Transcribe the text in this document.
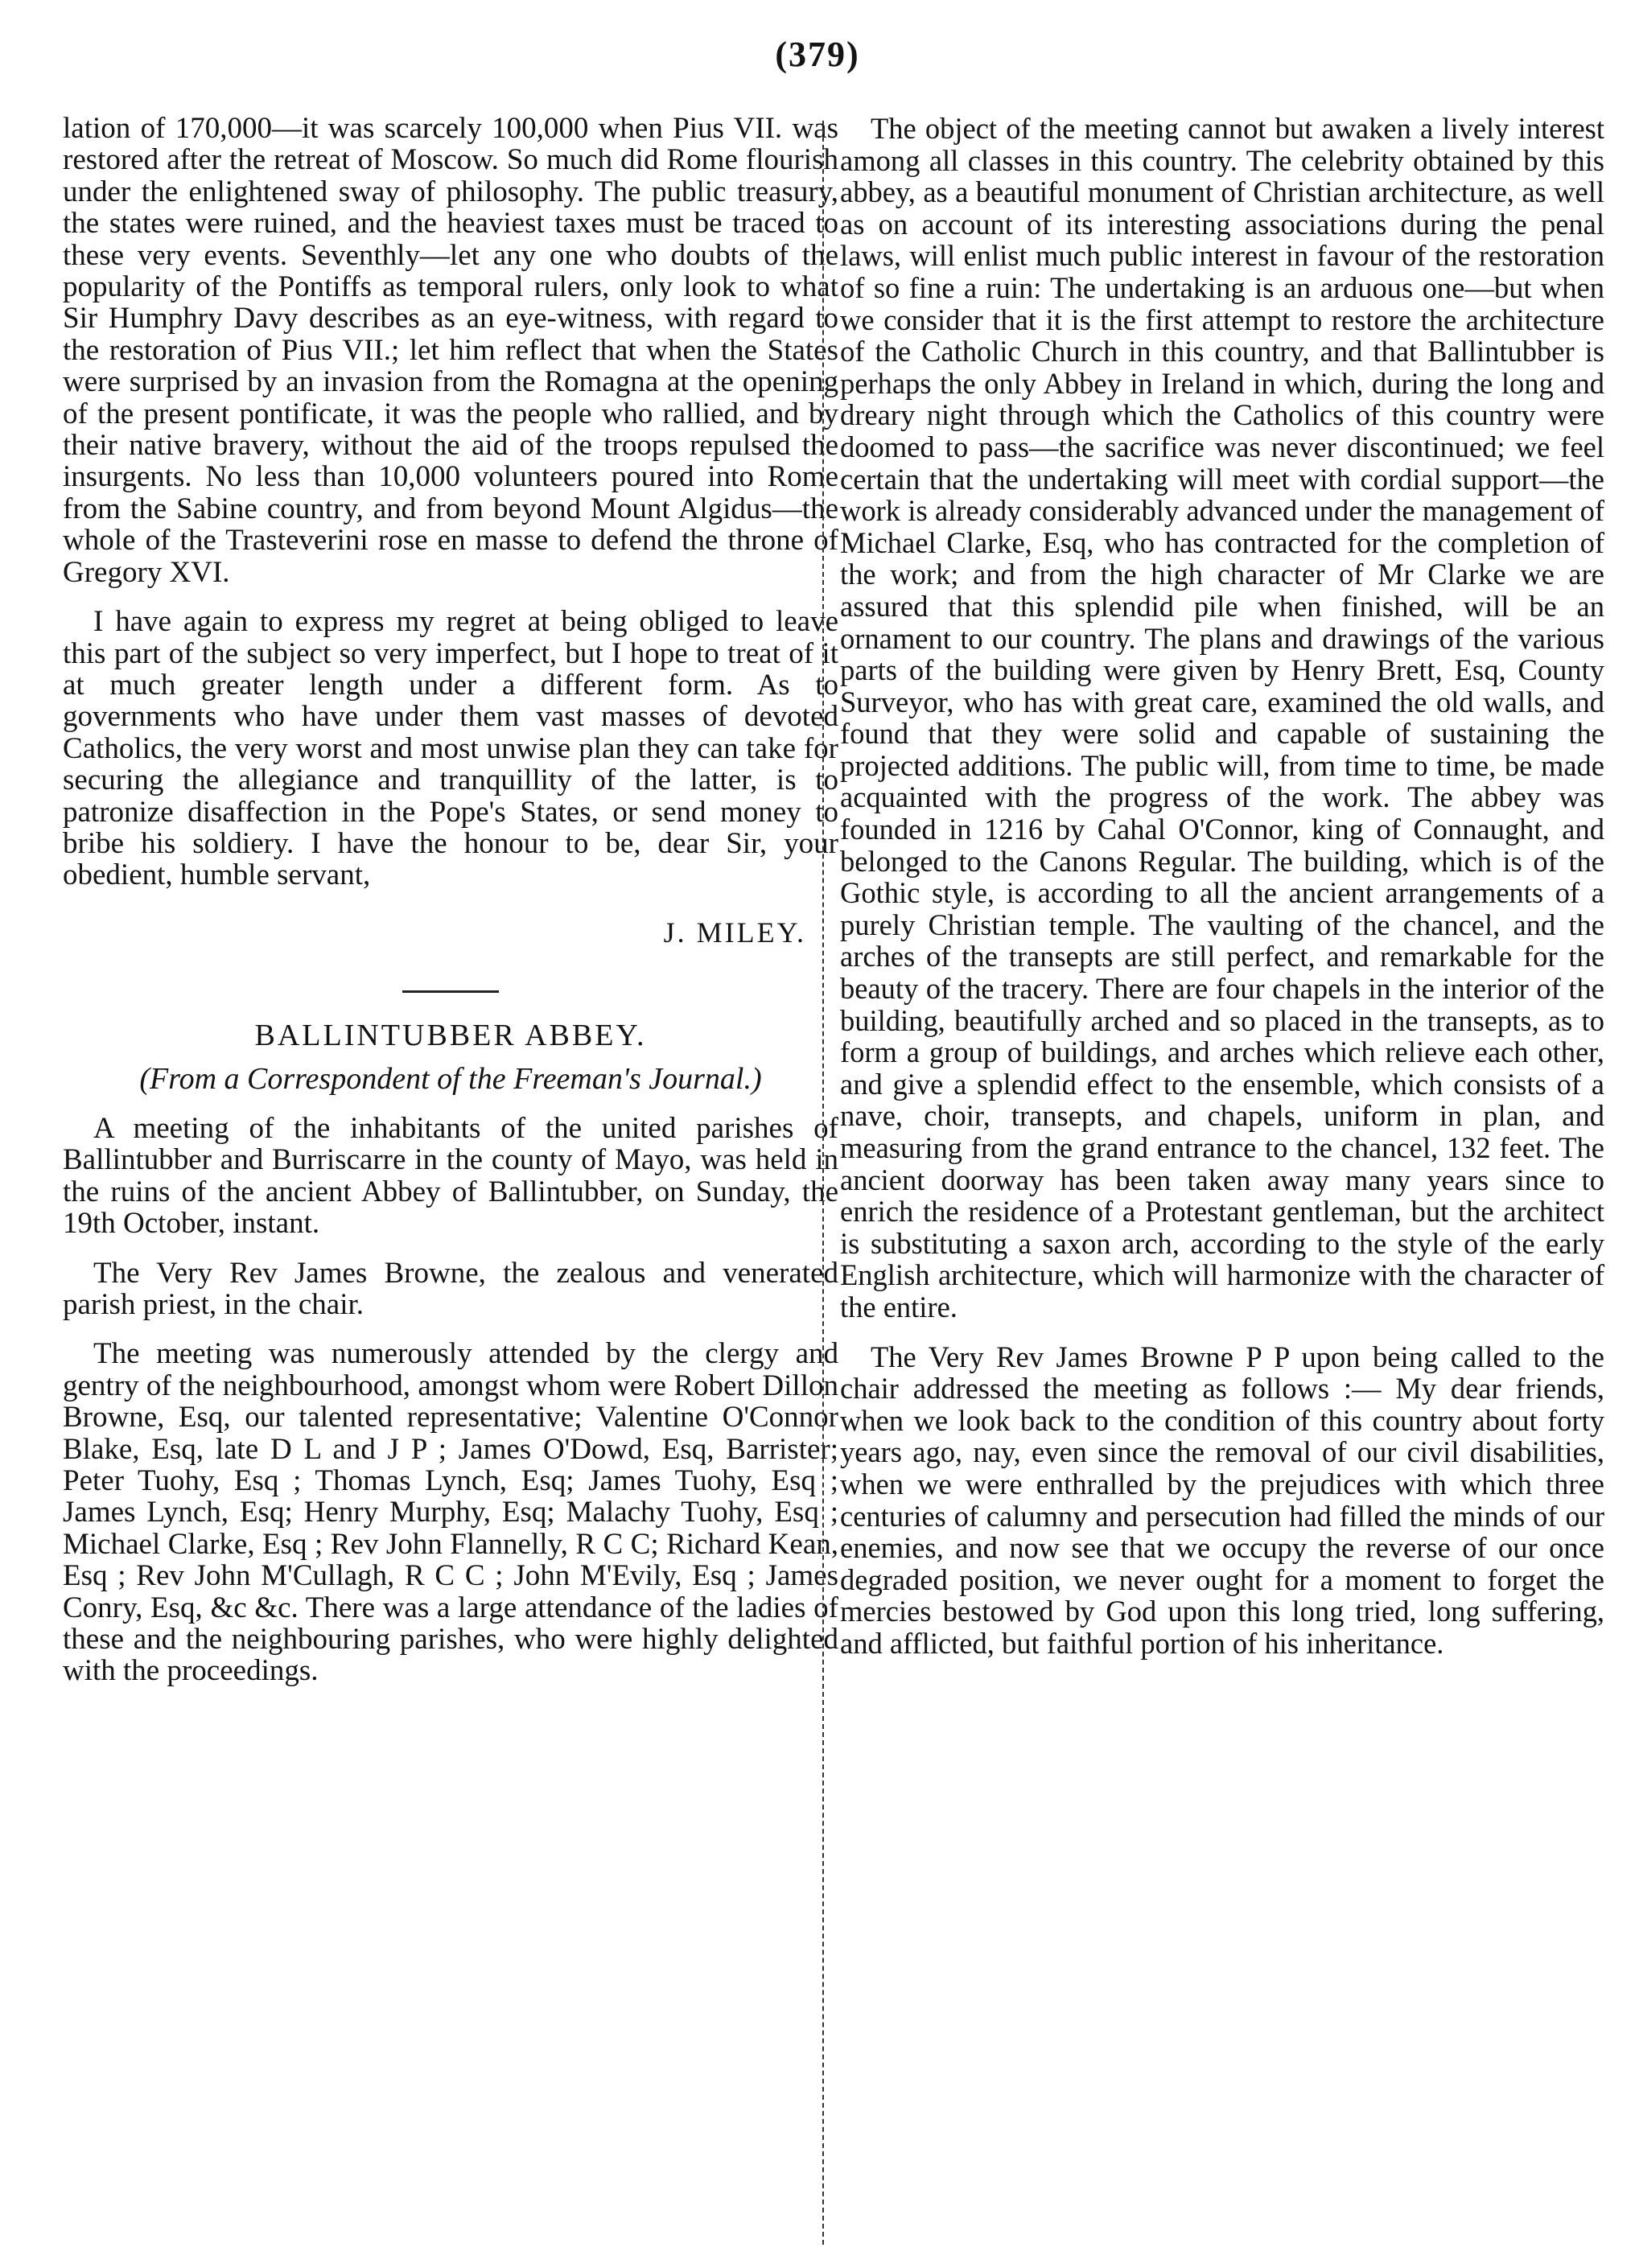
(379)

lation of 170,000—it was scarcely 100,000 when Pius VII. was restored after the retreat of Moscow. So much did Rome flourish under the enlightened sway of philosophy. The public treasury, the states were ruined, and the heaviest taxes must be traced to these very events. Seventhly—let any one who doubts of the popularity of the Pontiffs as temporal rulers, only look to what Sir Humphry Davy describes as an eye-witness, with regard to the restoration of Pius VII.; let him reflect that when the States were surprised by an invasion from the Romagna at the opening of the present pontificate, it was the people who rallied, and by their native bravery, without the aid of the troops repulsed the insurgents. No less than 10,000 volunteers poured into Rome from the Sabine country, and from beyond Mount Algidus—the whole of the Trasteverini rose en masse to defend the throne of Gregory XVI.

I have again to express my regret at being obliged to leave this part of the subject so very imperfect, but I hope to treat of it at much greater length under a different form. As to governments who have under them vast masses of devoted Catholics, the very worst and most unwise plan they can take for securing the allegiance and tranquillity of the latter, is to patronize disaffection in the Pope's States, or send money to bribe his soldiery. I have the honour to be, dear Sir, your obedient, humble servant,

J. MILEY.
BALLINTUBBER ABBEY.
(From a Correspondent of the Freeman's Journal.)

A meeting of the inhabitants of the united parishes of Ballintubber and Burriscarre in the county of Mayo, was held in the ruins of the ancient Abbey of Ballintubber, on Sunday, the 19th October, instant.

The Very Rev James Browne, the zealous and venerated parish priest, in the chair.

The meeting was numerously attended by the clergy and gentry of the neighbourhood, amongst whom were Robert Dillon Browne, Esq, our talented representative; Valentine O'Connor Blake, Esq, late D L and J P ; James O'Dowd, Esq, Barrister; Peter Tuohy, Esq ; Thomas Lynch, Esq; James Tuohy, Esq ; James Lynch, Esq; Henry Murphy, Esq; Malachy Tuohy, Esq ; Michael Clarke, Esq ; Rev John Flannelly, R C C; Richard Kean, Esq ; Rev John M'Cullagh, R C C ; John M'Evily, Esq ; James Conry, Esq, &c &c. There was a large attendance of the ladies of these and the neighbouring parishes, who were highly delighted with the proceedings.

The object of the meeting cannot but awaken a lively interest among all classes in this country. The celebrity obtained by this abbey, as a beautiful monument of Christian architecture, as well as on account of its interesting associations during the penal laws, will enlist much public interest in favour of the restoration of so fine a ruin: The undertaking is an arduous one—but when we consider that it is the first attempt to restore the architecture of the Catholic Church in this country, and that Ballintubber is perhaps the only Abbey in Ireland in which, during the long and dreary night through which the Catholics of this country were doomed to pass—the sacrifice was never discontinued; we feel certain that the undertaking will meet with cordial support—the work is already considerably advanced under the management of Michael Clarke, Esq, who has contracted for the completion of the work; and from the high character of Mr Clarke we are assured that this splendid pile when finished, will be an ornament to our country. The plans and drawings of the various parts of the building were given by Henry Brett, Esq, County Surveyor, who has with great care, examined the old walls, and found that they were solid and capable of sustaining the projected additions. The public will, from time to time, be made acquainted with the progress of the work. The abbey was founded in 1216 by Cahal O'Connor, king of Connaught, and belonged to the Canons Regular. The building, which is of the Gothic style, is according to all the ancient arrangements of a purely Christian temple. The vaulting of the chancel, and the arches of the transepts are still perfect, and remarkable for the beauty of the tracery. There are four chapels in the interior of the building, beautifully arched and so placed in the transepts, as to form a group of buildings, and arches which relieve each other, and give a splendid effect to the ensemble, which consists of a nave, choir, transepts, and chapels, uniform in plan, and measuring from the grand entrance to the chancel, 132 feet. The ancient doorway has been taken away many years since to enrich the residence of a Protestant gentleman, but the architect is substituting a saxon arch, according to the style of the early English architecture, which will harmonize with the character of the entire.

The Very Rev James Browne P P upon being called to the chair addressed the meeting as follows :— My dear friends, when we look back to the condition of this country about forty years ago, nay, even since the removal of our civil disabilities, when we were enthralled by the prejudices with which three centuries of calumny and persecution had filled the minds of our enemies, and now see that we occupy the reverse of our once degraded position, we never ought for a moment to forget the mercies bestowed by God upon this long tried, long suffering, and afflicted, but faithful portion of his inheritance.
